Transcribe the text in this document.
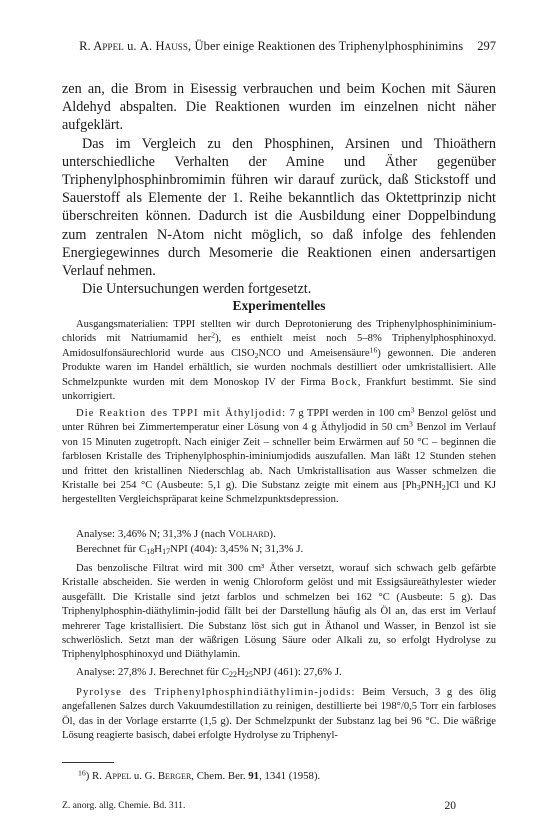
R. Appel u. A. Hauss, Über einige Reaktionen des Triphenylphosphinimins 297

zen an, die Brom in Eisessig verbrauchen und beim Kochen mit Säuren Aldehyd abspalten. Die Reaktionen wurden im einzelnen nicht näher aufgeklärt.

Das im Vergleich zu den Phosphinen, Arsinen und Thioäthern unterschiedliche Verhalten der Amine und Äther gegenüber Triphenylphosphinbromimin führen wir darauf zurück, daß Stickstoff und Sauerstoff als Elemente der 1. Reihe bekanntlich das Oktettprinzip nicht überschreiten können. Dadurch ist die Ausbildung einer Doppelbindung zum zentralen N-Atom nicht möglich, so daß infolge des fehlenden Energiegewinnes durch Mesomerie die Reaktionen einen andersartigen Verlauf nehmen.

Die Untersuchungen werden fortgesetzt.

Experimentelles

Ausgangsmaterialien: TPPI stellten wir durch Deprotonierung des Triphenylphosphiniminium-chlorids mit Natriumamid her$^2$), es enthielt meist noch 5–8% Triphenylphosphinoxyd. Amidosulfonsäurechlorid wurde aus ClSO$_2$NCO und Ameisensäure$^{16}$) gewonnen. Die anderen Produkte waren im Handel erhältlich, sie wurden nochmals destilliert oder umkristallisiert. Alle Schmelzpunkte wurden mit dem Monoskop IV der Firma Bock, Frankfurt bestimmt. Sie sind unkorrigiert.

Die Reaktion des TPPI mit Äthyljodid: 7 g TPPI werden in 100 $cm^3$ Benzol gelöst und unter Rühren bei Zimmertemperatur einer Lösung von 4 g Äthyljodid in 50 $cm^3$ Benzol im Verlauf von 15 Minuten zugetropft. Nach einiger Zeit – schneller beim Erwärmen auf 50 °C – beginnen die farblosen Kristalle des Triphenylphosphin-iminiumjodids auszufallen. Man läßt 12 Stunden stehen und frittet den kristallinen Niederschlag ab. Nach Umkristallisation aus Wasser schmelzen die Kristalle bei 254 °C (Ausbeute: 5,1 g). Die Substanz zeigte mit einem aus $[Ph_3PNH_2]Cl$ und KJ hergestellten Vergleichspräparat keine Schmelzpunktsdepression.

Analyse: 3,46% N; 31,3% J (nach Volhard).

Berechnet für $C_{18}H_{17}NPI$ (404): 3,45% N; 31,3% J.

Das benzolische Filtrat wird mit 300 cm³ Äther versetzt, worauf sich schwach gelb gefärbte Kristalle abscheiden. Sie werden in wenig Chloroform gelöst und mit Essigsäureäthylester wieder ausgefällt. Die Kristalle sind jetzt farblos und schmelzen bei 162 °C (Ausbeute: 5 g). Das Triphenylphosphin-diäthylimin-jodid fällt bei der Darstellung häufig als Öl an, das erst im Verlauf mehrerer Tage kristallisiert. Die Substanz löst sich gut in Äthanol und Wasser, in Benzol ist sie schwerlöslich. Setzt man der wäßrigen Lösung Säure oder Alkali zu, so erfolgt Hydrolyse zu Triphenylphosphinoxyd und Diäthylamin.

Analyse: 27,8% J. Berechnet für $C_{22}H_{25}NPJ$ (461): 27,6% J.

Pyrolyse des Triphenylphosphindiäthylimin-jodids: Beim Versuch, 3 g des ölig angefallenen Salzes durch Vakuumdestillation zu reinigen, destillierte bei 198°/0,5 Torr ein farbloses Öl, das in der Vorlage erstarrte (1,5 g). Der Schmelzpunkt der Substanz lag bei 96 °C. Die wäßrige Lösung reagierte basisch, dabei erfolgte Hydrolyse zu Triphenyl-

$^{16}$) R. Appel u. G. Berger, Chem. Ber. 91, 1341 (1958).
Z. anorg. allg. Chemie. Bd. 311.	20
